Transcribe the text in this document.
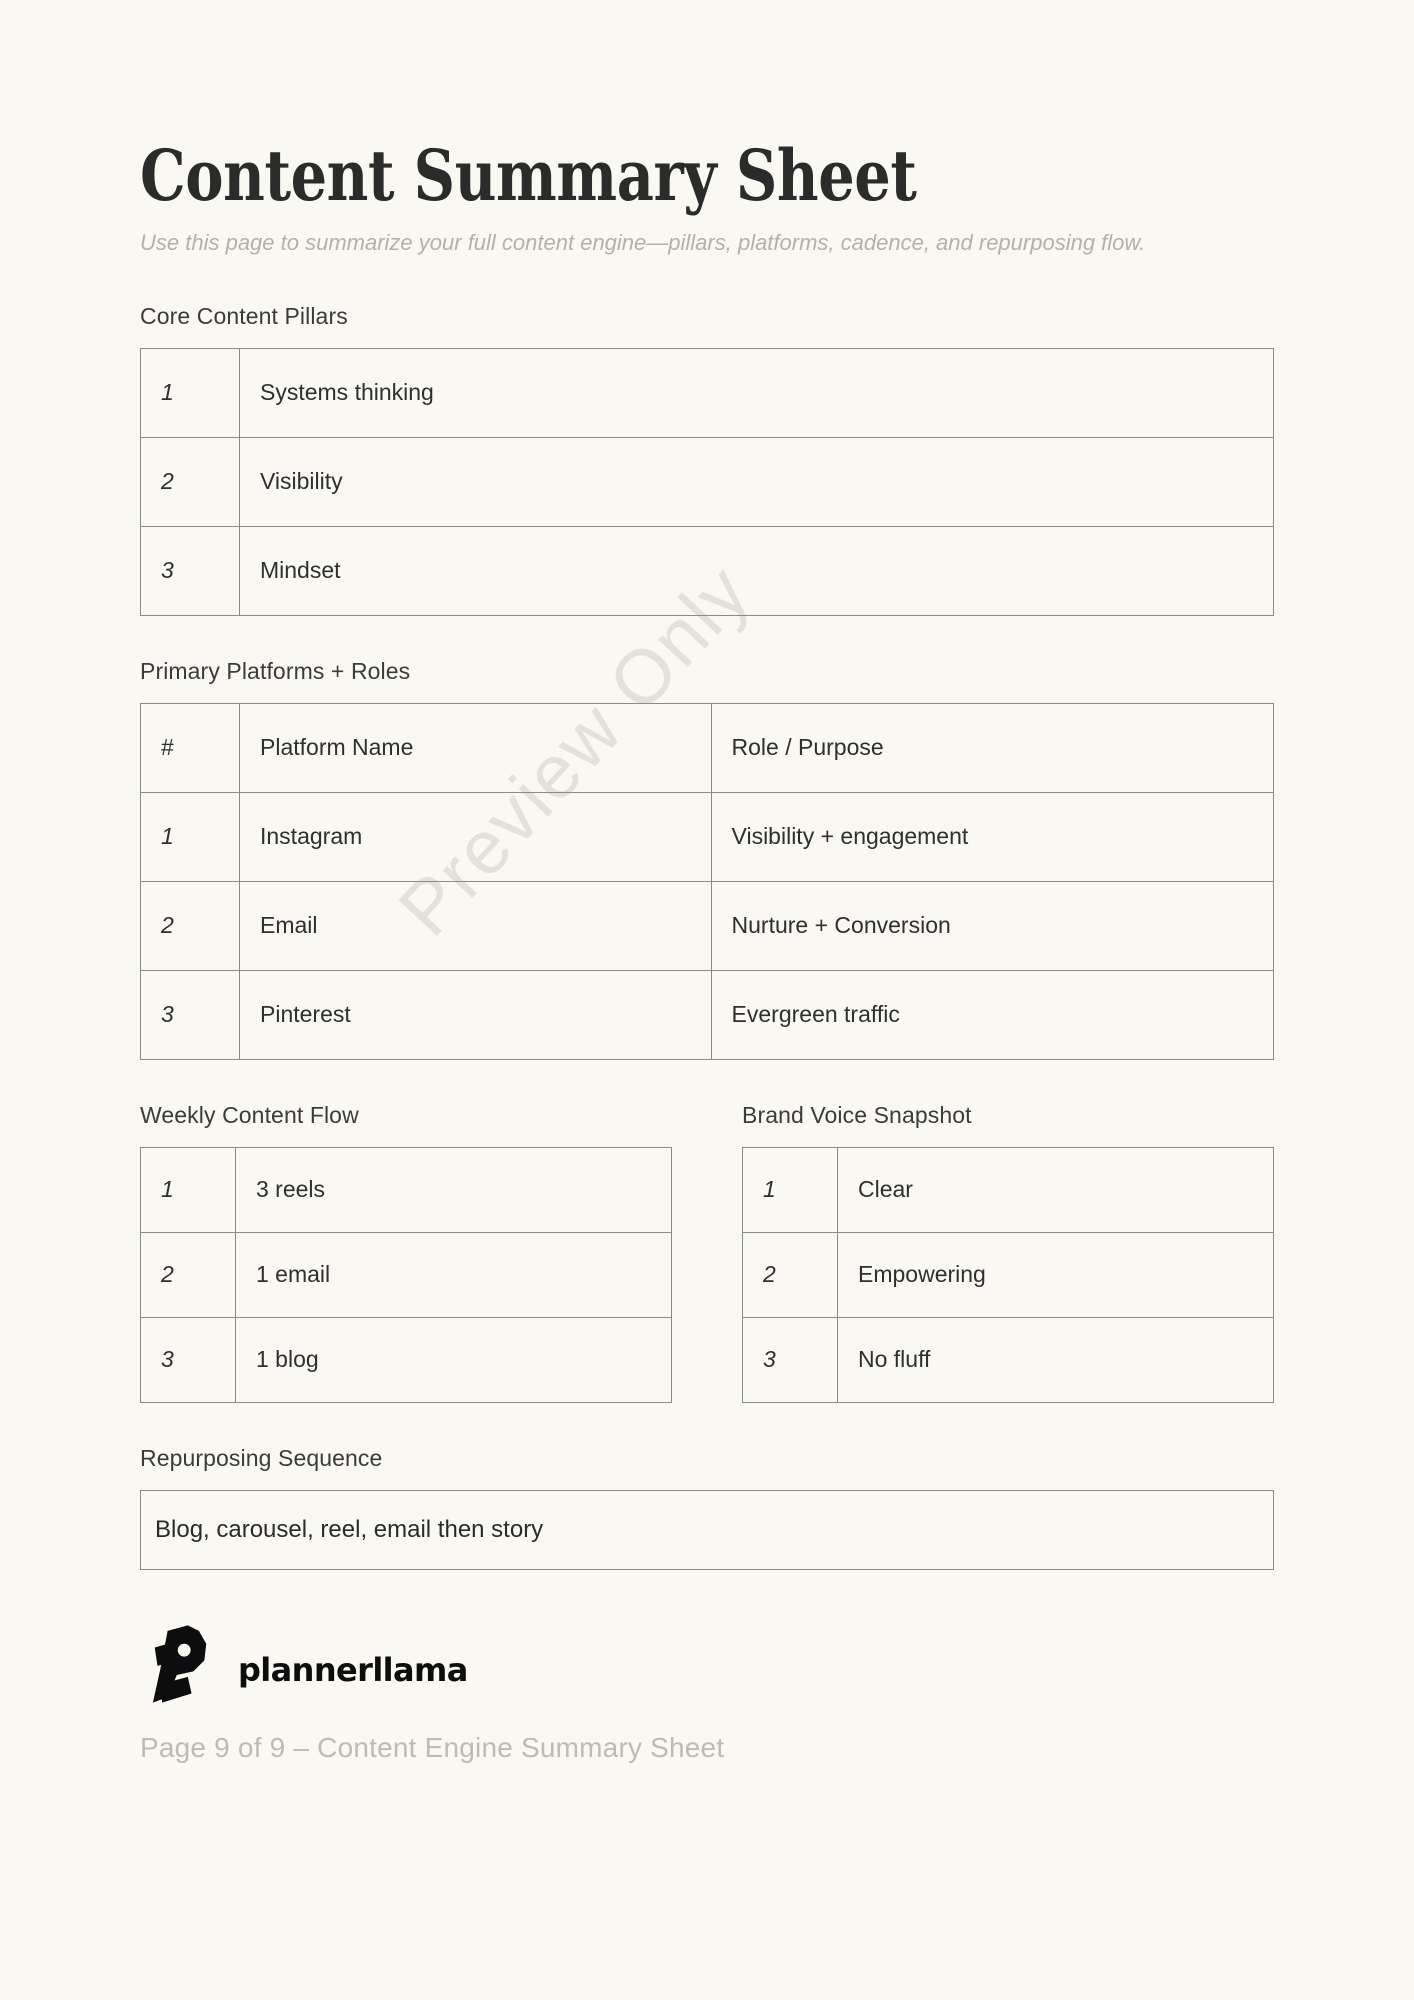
Preview Only
Content Summary Sheet

Use this page to summarize your full content engine—pillars, platforms, cadence, and repurposing flow.

Core Content Pillars
1	Systems thinking
2	Visibility
3	Mindset
Primary Platforms + Roles
#	Platform Name	Role / Purpose
1	Instagram	Visibility + engagement
2	Email	Nurture + Conversion
3	Pinterest	Evergreen traffic
Weekly Content Flow
1	3 reels
2	1 email
3	1 blog
Brand Voice Snapshot
1	Clear
2	Empowering
3	No fluff
Repurposing Sequence
Blog, carousel, reel, email then story
plannerllama
Page 9 of 9 – Content Engine Summary Sheet
